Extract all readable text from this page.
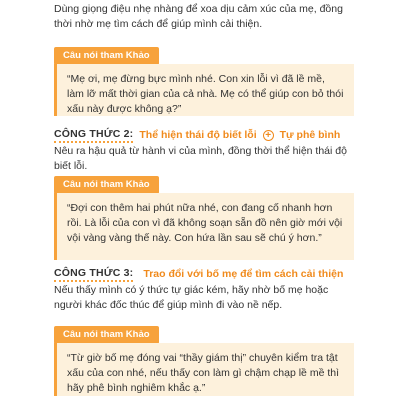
Dùng giọng điệu nhẹ nhàng để xoa dịu cảm xúc của mẹ, đồng thời nhờ mẹ tìm cách để giúp mình cải thiện.
Câu nói tham Khảo
“Mẹ ơi, mẹ đừng bực mình nhé. Con xin lỗi vì đã lề mề, làm lỡ mất thời gian của cả nhà. Mẹ có thể giúp con bỏ thói xấu này được không ạ?”
CÔNG THỨC 2: Thể hiện thái độ biết lỗi + Tự phê bình
Nêu ra hậu quả từ hành vi của mình, đồng thời thể hiện thái độ biết lỗi.
Câu nói tham Khảo
“Đợi con thêm hai phút nữa nhé, con đang cố nhanh hơn rồi. Là lỗi của con vì đã không soạn sẵn đồ nên giờ mới vội vội vàng vàng thế này. Con hứa lần sau sẽ chú ý hơn.”
CÔNG THỨC 3: Trao đổi với bố mẹ để tìm cách cải thiện
Nếu thấy mình có ý thức tự giác kém, hãy nhờ bố mẹ hoặc người khác đốc thúc để giúp mình đi vào nề nếp.
Câu nói tham Khảo
“Từ giờ bố mẹ đóng vai “thầy giám thị” chuyên kiểm tra tật xấu của con nhé, nếu thấy con làm gì chậm chạp lề mề thì hãy phê bình nghiêm khắc ạ.”
